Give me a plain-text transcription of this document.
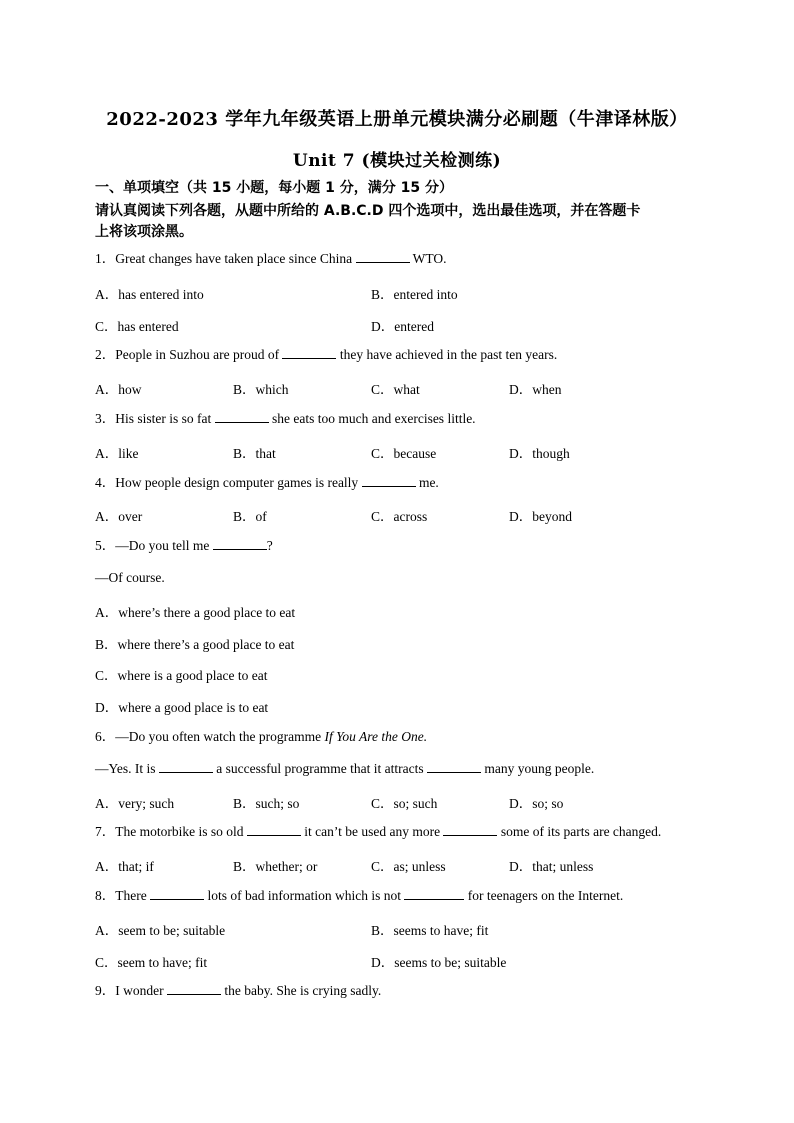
2022-2023 学年九年级英语上册单元模块满分必刷题（牛津译林版）
Unit 7 (模块过关检测练)
一、单项填空（共 15 小题，每小题 1 分，满分 15 分）
请认真阅读下列各题，从题中所给的 A.B.C.D 四个选项中，选出最佳选项，并在答题卡
上将该项涂黑。
1．Great changes have taken place since China	WTO.
A．has entered into	B．entered into
C．has entered	D．entered
2．People in Suzhou are proud of	they have achieved in the past ten years.
A．how	B．which	C．what	D．when
3．His sister is so fat	she eats too much and exercises little.
A．like	B．that	C．because	D．though
4．How people design computer games is really	me.
A．over	B．of	C．across	D．beyond
5．—Do you tell me	?
—Of course.
A．where’s there a good place to eat
B．where there’s a good place to eat
C．where is a good place to eat
D．where a good place is to eat
6．—Do you often watch the programme If You Are the One.
—Yes. It is	a successful programme that it attracts	many young people.
A．very; such	B．such; so	C．so; such	D．so; so
7．The motorbike is so old	it can’t be used any more	some of its parts are changed.
A．that; if	B．whether; or	C．as; unless	D．that; unless
8．There	lots of bad information which is not	for teenagers on the Internet.
A．seem to be; suitable	B．seems to have; fit
C．seem to have; fit	D．seems to be; suitable
9．I wonder	the baby. She is crying sadly.
